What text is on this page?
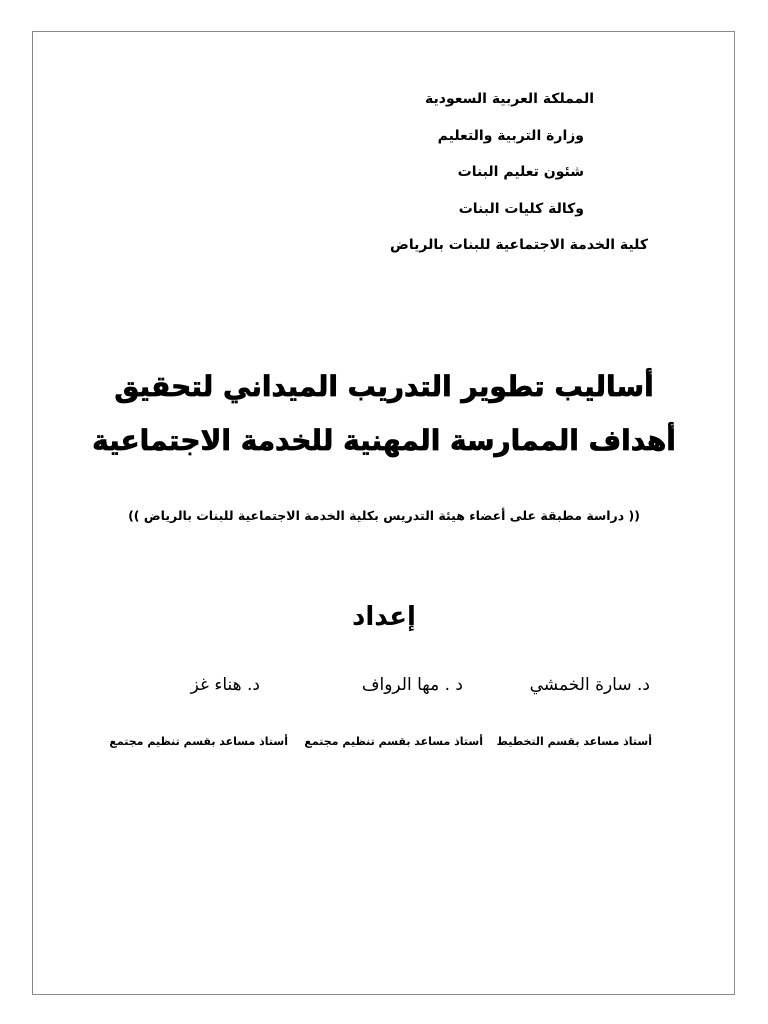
المملكة العربية السعودية
وزارة التربية والتعليم
شئون تعليم البنات
وكالة كليات البنات
كلية الخدمة الاجتماعية للبنات بالرياض
أساليب تطوير التدريب الميداني لتحقيق
أهداف الممارسة المهنية للخدمة الاجتماعية
(( دراسة مطبقة على أعضاء هيئة التدريس بكلية الخدمة الاجتماعية للبنات بالرياض ))
إعداد
د. سارة الخمشي
د . مها الرواف
د. هناء غز
أستاذ مساعد بقسم التخطيط
أستاذ مساعد بقسم تنظيم مجتمع
أستاذ مساعد بقسم تنظيم مجتمع
